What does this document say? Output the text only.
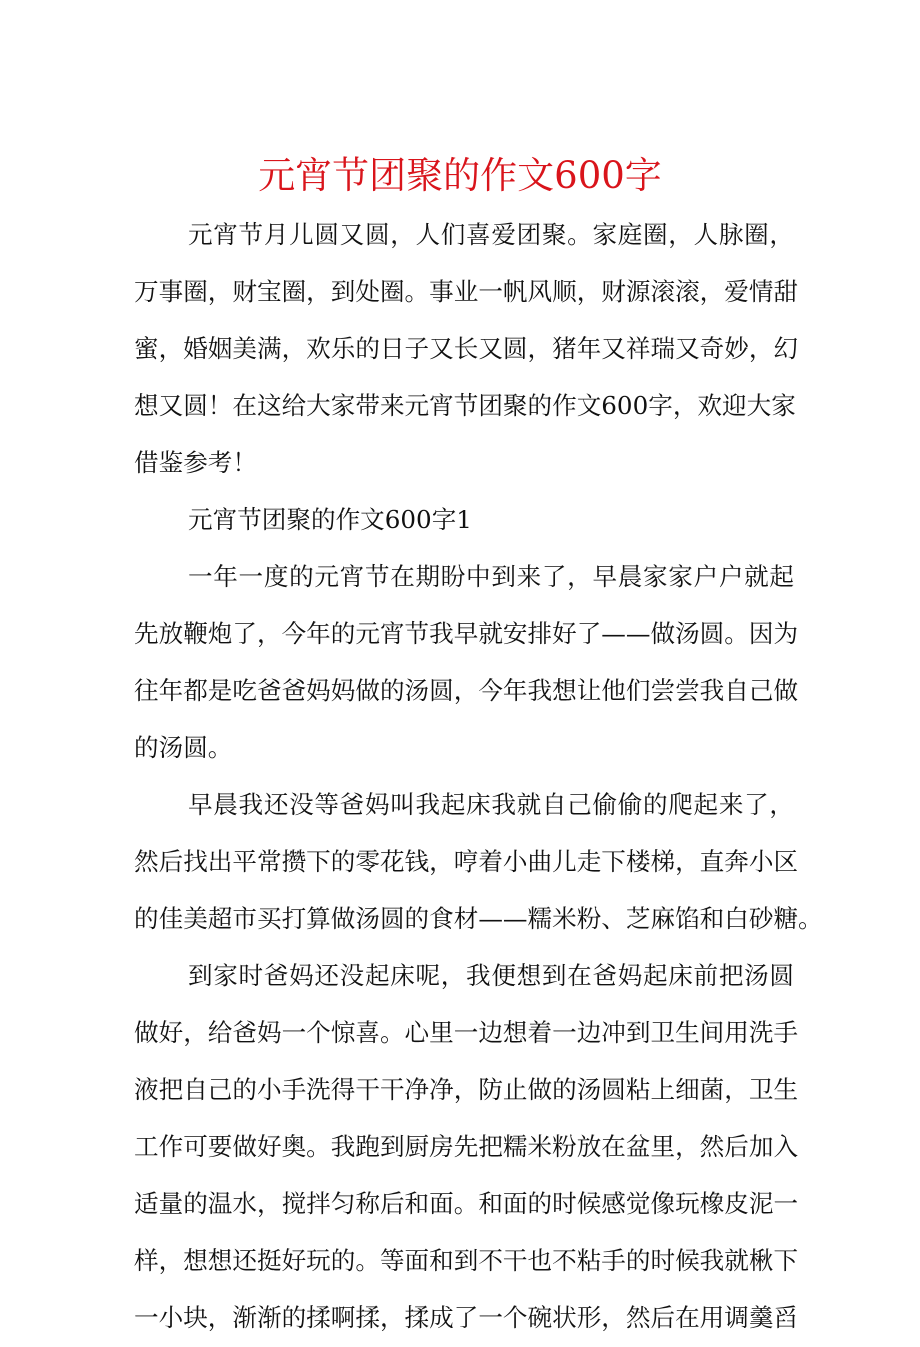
元宵节团聚的作文600字
元宵节月儿圆又圆，人们喜爱团聚。家庭圈，人脉圈，
万事圈，财宝圈，到处圈。事业一帆风顺，财源滚滚，爱情甜
蜜，婚姻美满，欢乐的日子又长又圆，猪年又祥瑞又奇妙，幻
想又圆！在这给大家带来元宵节团聚的作文600字，欢迎大家
借鉴参考！
元宵节团聚的作文600字1
一年一度的元宵节在期盼中到来了，早晨家家户户就起
先放鞭炮了，今年的元宵节我早就安排好了——做汤圆。因为
往年都是吃爸爸妈妈做的汤圆，今年我想让他们尝尝我自己做
的汤圆。
早晨我还没等爸妈叫我起床我就自己偷偷的爬起来了，
然后找出平常攒下的零花钱，哼着小曲儿走下楼梯，直奔小区
的佳美超市买打算做汤圆的食材——糯米粉、芝麻馅和白砂糖。
到家时爸妈还没起床呢，我便想到在爸妈起床前把汤圆
做好，给爸妈一个惊喜。心里一边想着一边冲到卫生间用洗手
液把自己的小手洗得干干净净，防止做的汤圆粘上细菌，卫生
工作可要做好奥。我跑到厨房先把糯米粉放在盆里，然后加入
适量的温水，搅拌匀称后和面。和面的时候感觉像玩橡皮泥一
样，想想还挺好玩的。等面和到不干也不粘手的时候我就楸下
一小块，渐渐的揉啊揉，揉成了一个碗状形，然后在用调羹舀
